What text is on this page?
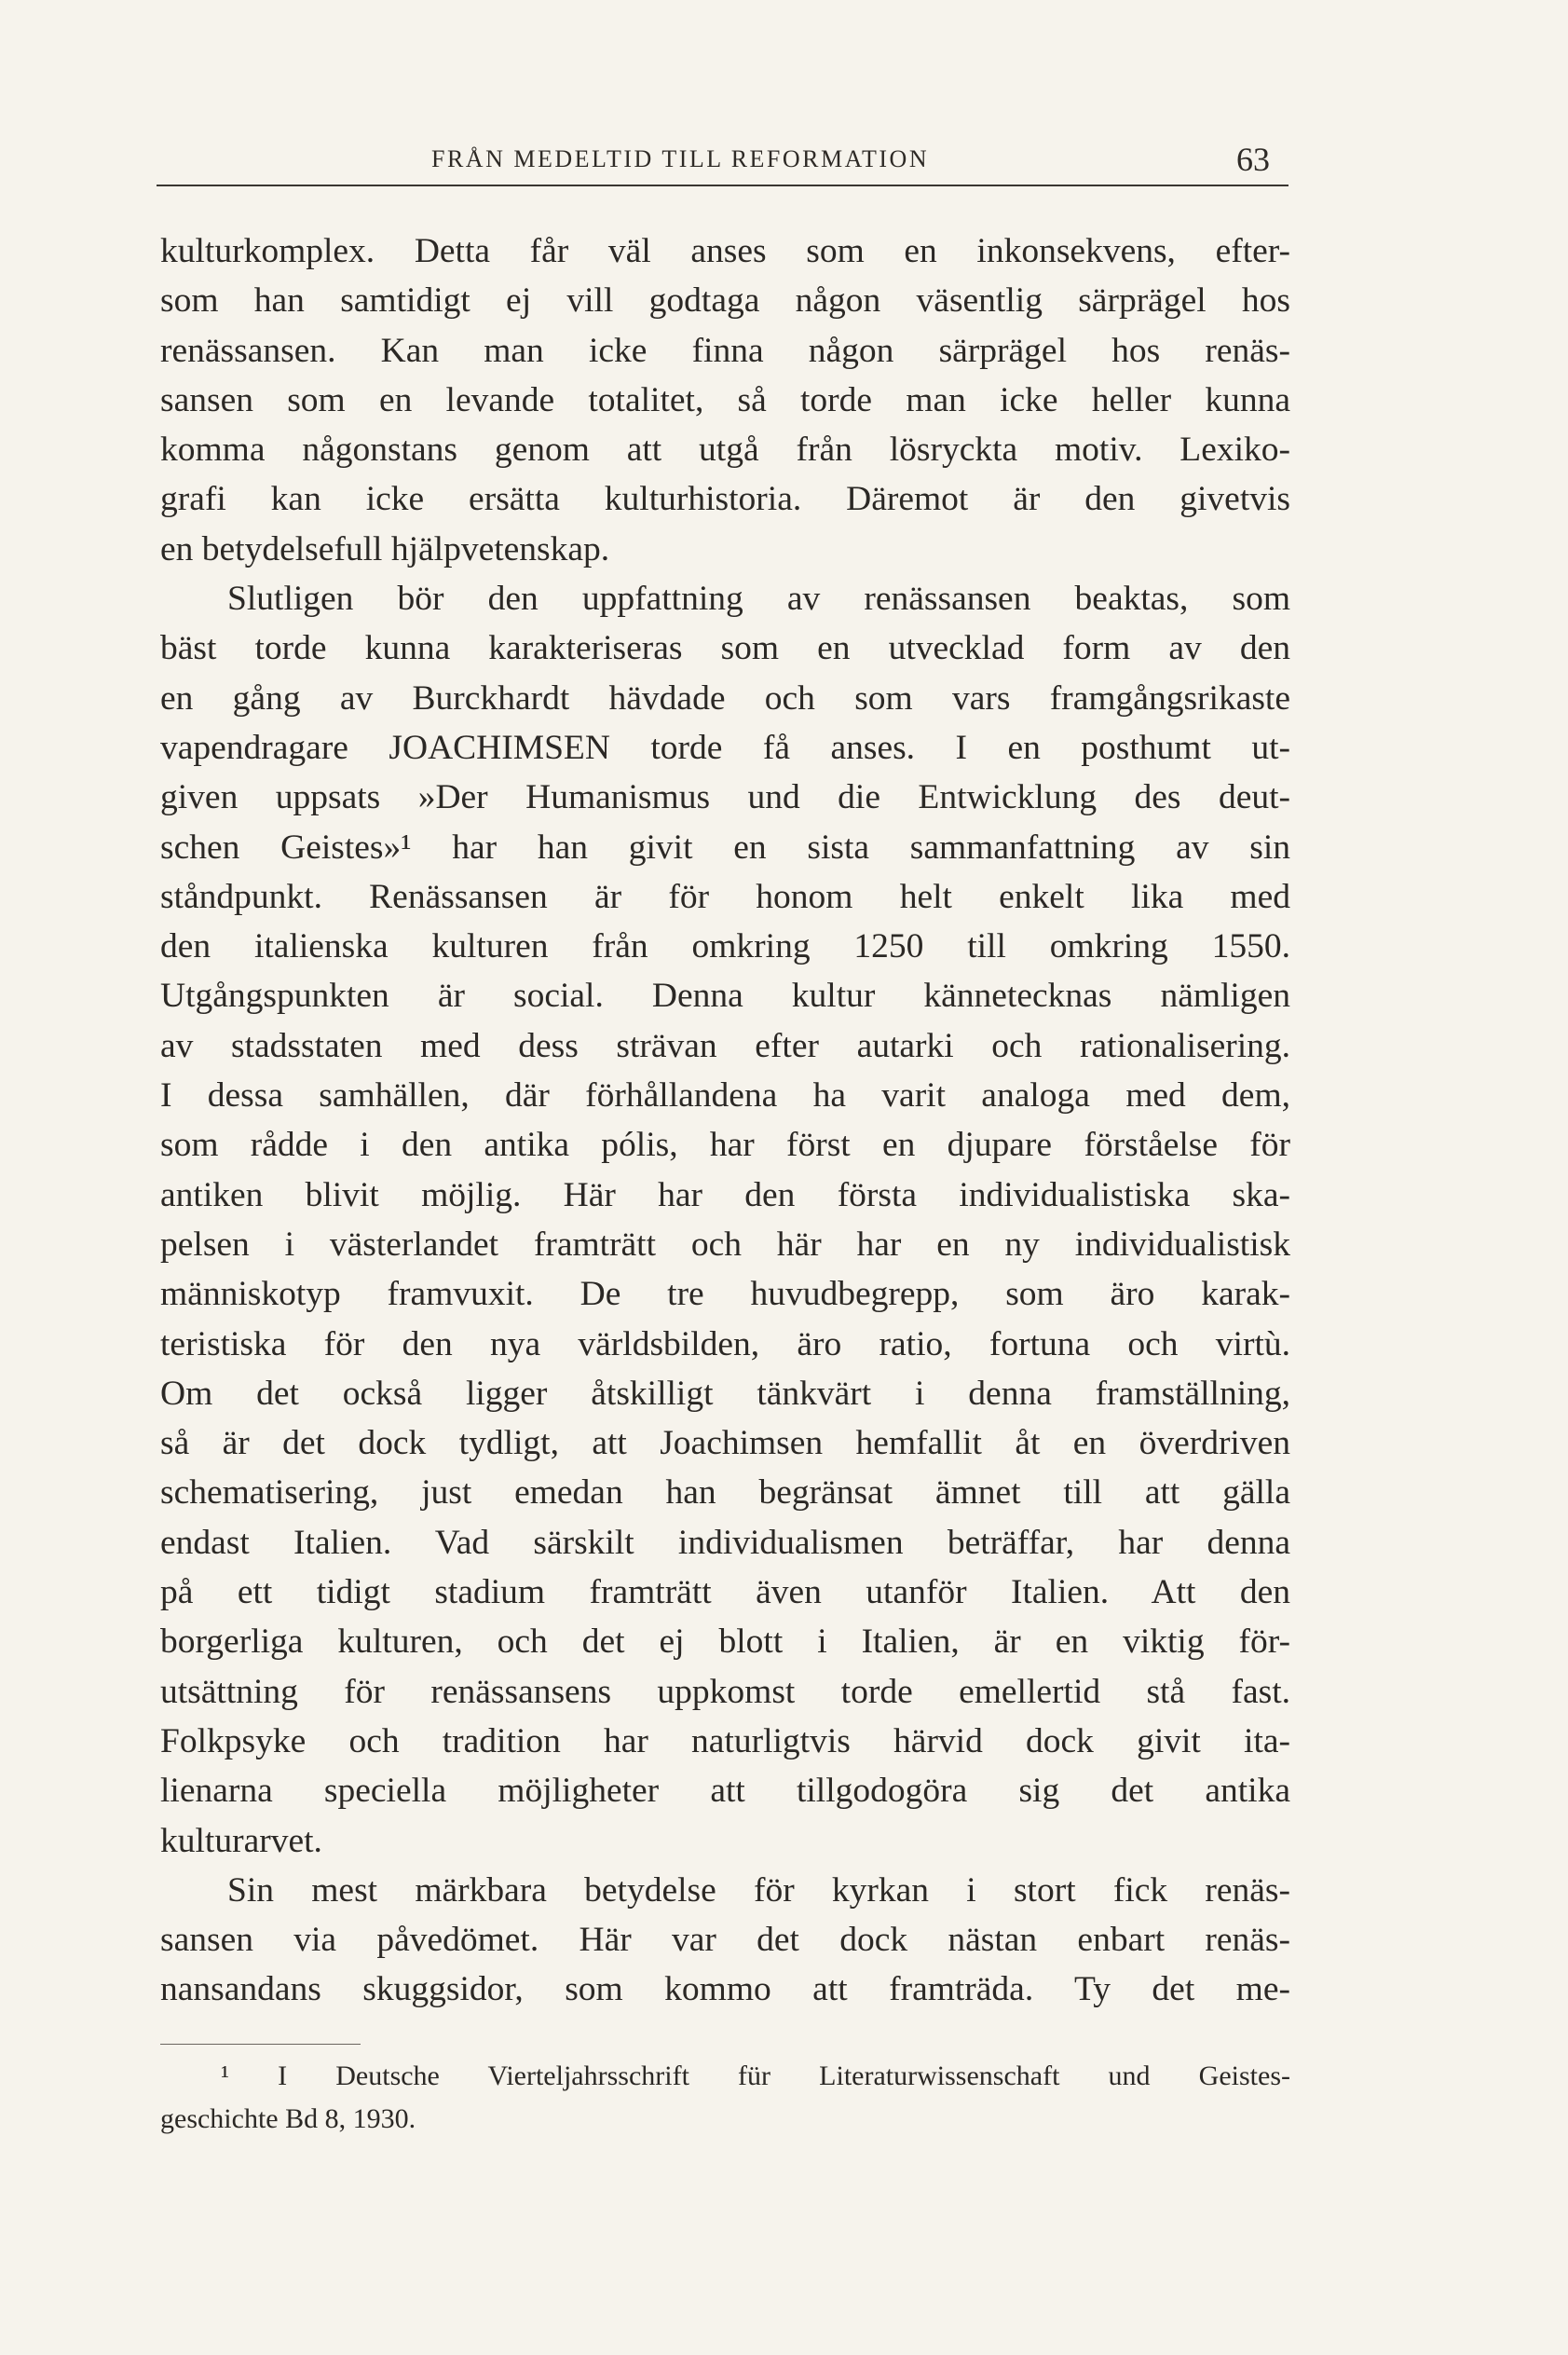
FRÅN MEDELTID TILL REFORMATION	63
kulturkomplex. Detta får väl anses som en inkonsekvens, efter-
som han samtidigt ej vill godtaga någon väsentlig särprägel hos
renässansen. Kan man icke finna någon särprägel hos renäs-
sansen som en levande totalitet, så torde man icke heller kunna
komma någonstans genom att utgå från lösryckta motiv. Lexiko-
grafi kan icke ersätta kulturhistoria. Däremot är den givetvis
en betydelsefull hjälpvetenskap.
Slutligen bör den uppfattning av renässansen beaktas, som
bäst torde kunna karakteriseras som en utvecklad form av den
en gång av Burckhardt hävdade och som vars framgångsrikaste
vapendragare JOACHIMSEN torde få anses. I en posthumt ut-
given uppsats »Der Humanismus und die Entwicklung des deut-
schen Geistes»¹ har han givit en sista sammanfattning av sin
ståndpunkt. Renässansen är för honom helt enkelt lika med
den italienska kulturen från omkring 1250 till omkring 1550.
Utgångspunkten är social. Denna kultur kännetecknas nämligen
av stadsstaten med dess strävan efter autarki och rationalisering.
I dessa samhällen, där förhållandena ha varit analoga med dem,
som rådde i den antika pólis, har först en djupare förståelse för
antiken blivit möjlig. Här har den första individualistiska ska-
pelsen i västerlandet framträtt och här har en ny individualistisk
människotyp framvuxit. De tre huvudbegrepp, som äro karak-
teristiska för den nya världsbilden, äro ratio, fortuna och virtù.
Om det också ligger åtskilligt tänkvärt i denna framställning,
så är det dock tydligt, att Joachimsen hemfallit åt en överdriven
schematisering, just emedan han begränsat ämnet till att gälla
endast Italien. Vad särskilt individualismen beträffar, har denna
på ett tidigt stadium framträtt även utanför Italien. Att den
borgerliga kulturen, och det ej blott i Italien, är en viktig för-
utsättning för renässansens uppkomst torde emellertid stå fast.
Folkpsyke och tradition har naturligtvis härvid dock givit ita-
lienarna speciella möjligheter att tillgodogöra sig det antika
kulturarvet.
Sin mest märkbara betydelse för kyrkan i stort fick renäs-
sansen via påvedömet. Här var det dock nästan enbart renäs-
nansandans skuggsidor, som kommo att framträda. Ty det me-
¹ I Deutsche Vierteljahrsschrift für Literaturwissenschaft und Geistes-
geschichte Bd 8, 1930.
